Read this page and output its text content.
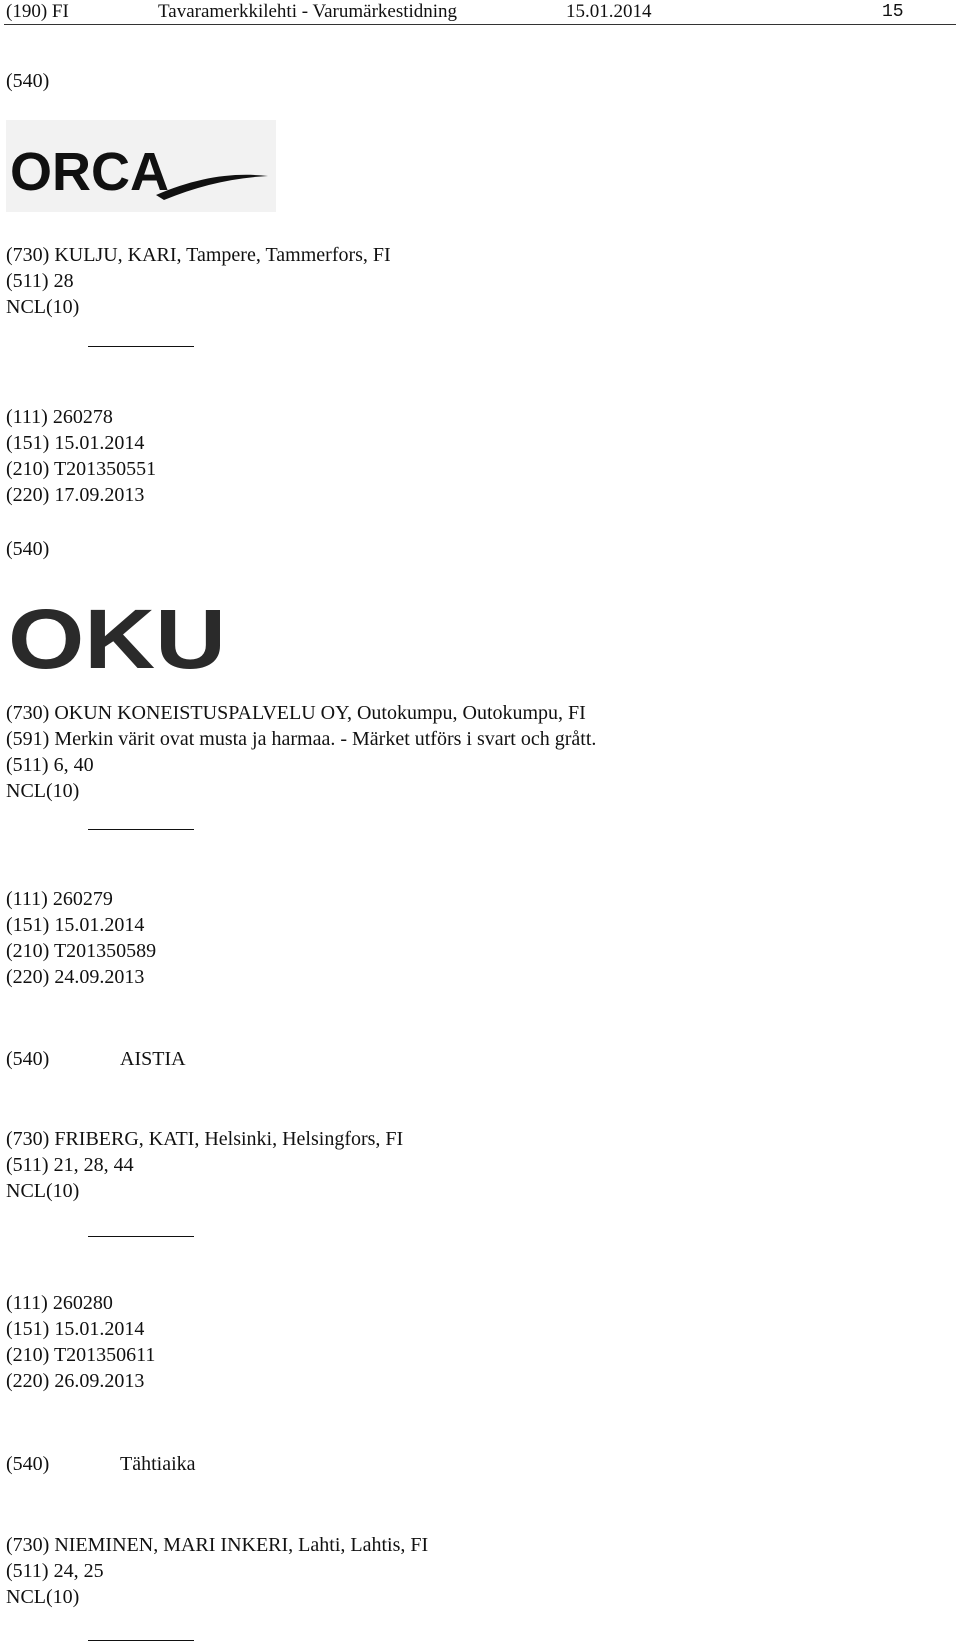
(190) FI	Tavaramerkkilehti - Varumärkestidning	15.01.2014	15
(540)
ORCA
(730) KULJU, KARI, Tampere, Tammerfors, FI
(511) 28
NCL(10)
(111) 260278
(151) 15.01.2014
(210) T201350551
(220) 17.09.2013
(540)
OKU
(730) OKUN KONEISTUSPALVELU OY, Outokumpu, Outokumpu, FI
(591) Merkin värit ovat musta ja harmaa. - Märket utförs i svart och grått.
(511) 6, 40
NCL(10)
(111) 260279
(151) 15.01.2014
(210) T201350589
(220) 24.09.2013
(540)	AISTIA
(730) FRIBERG, KATI, Helsinki, Helsingfors, FI
(511) 21, 28, 44
NCL(10)
(111) 260280
(151) 15.01.2014
(210) T201350611
(220) 26.09.2013
(540)	Tähtiaika
(730) NIEMINEN, MARI INKERI, Lahti, Lahtis, FI
(511) 24, 25
NCL(10)
